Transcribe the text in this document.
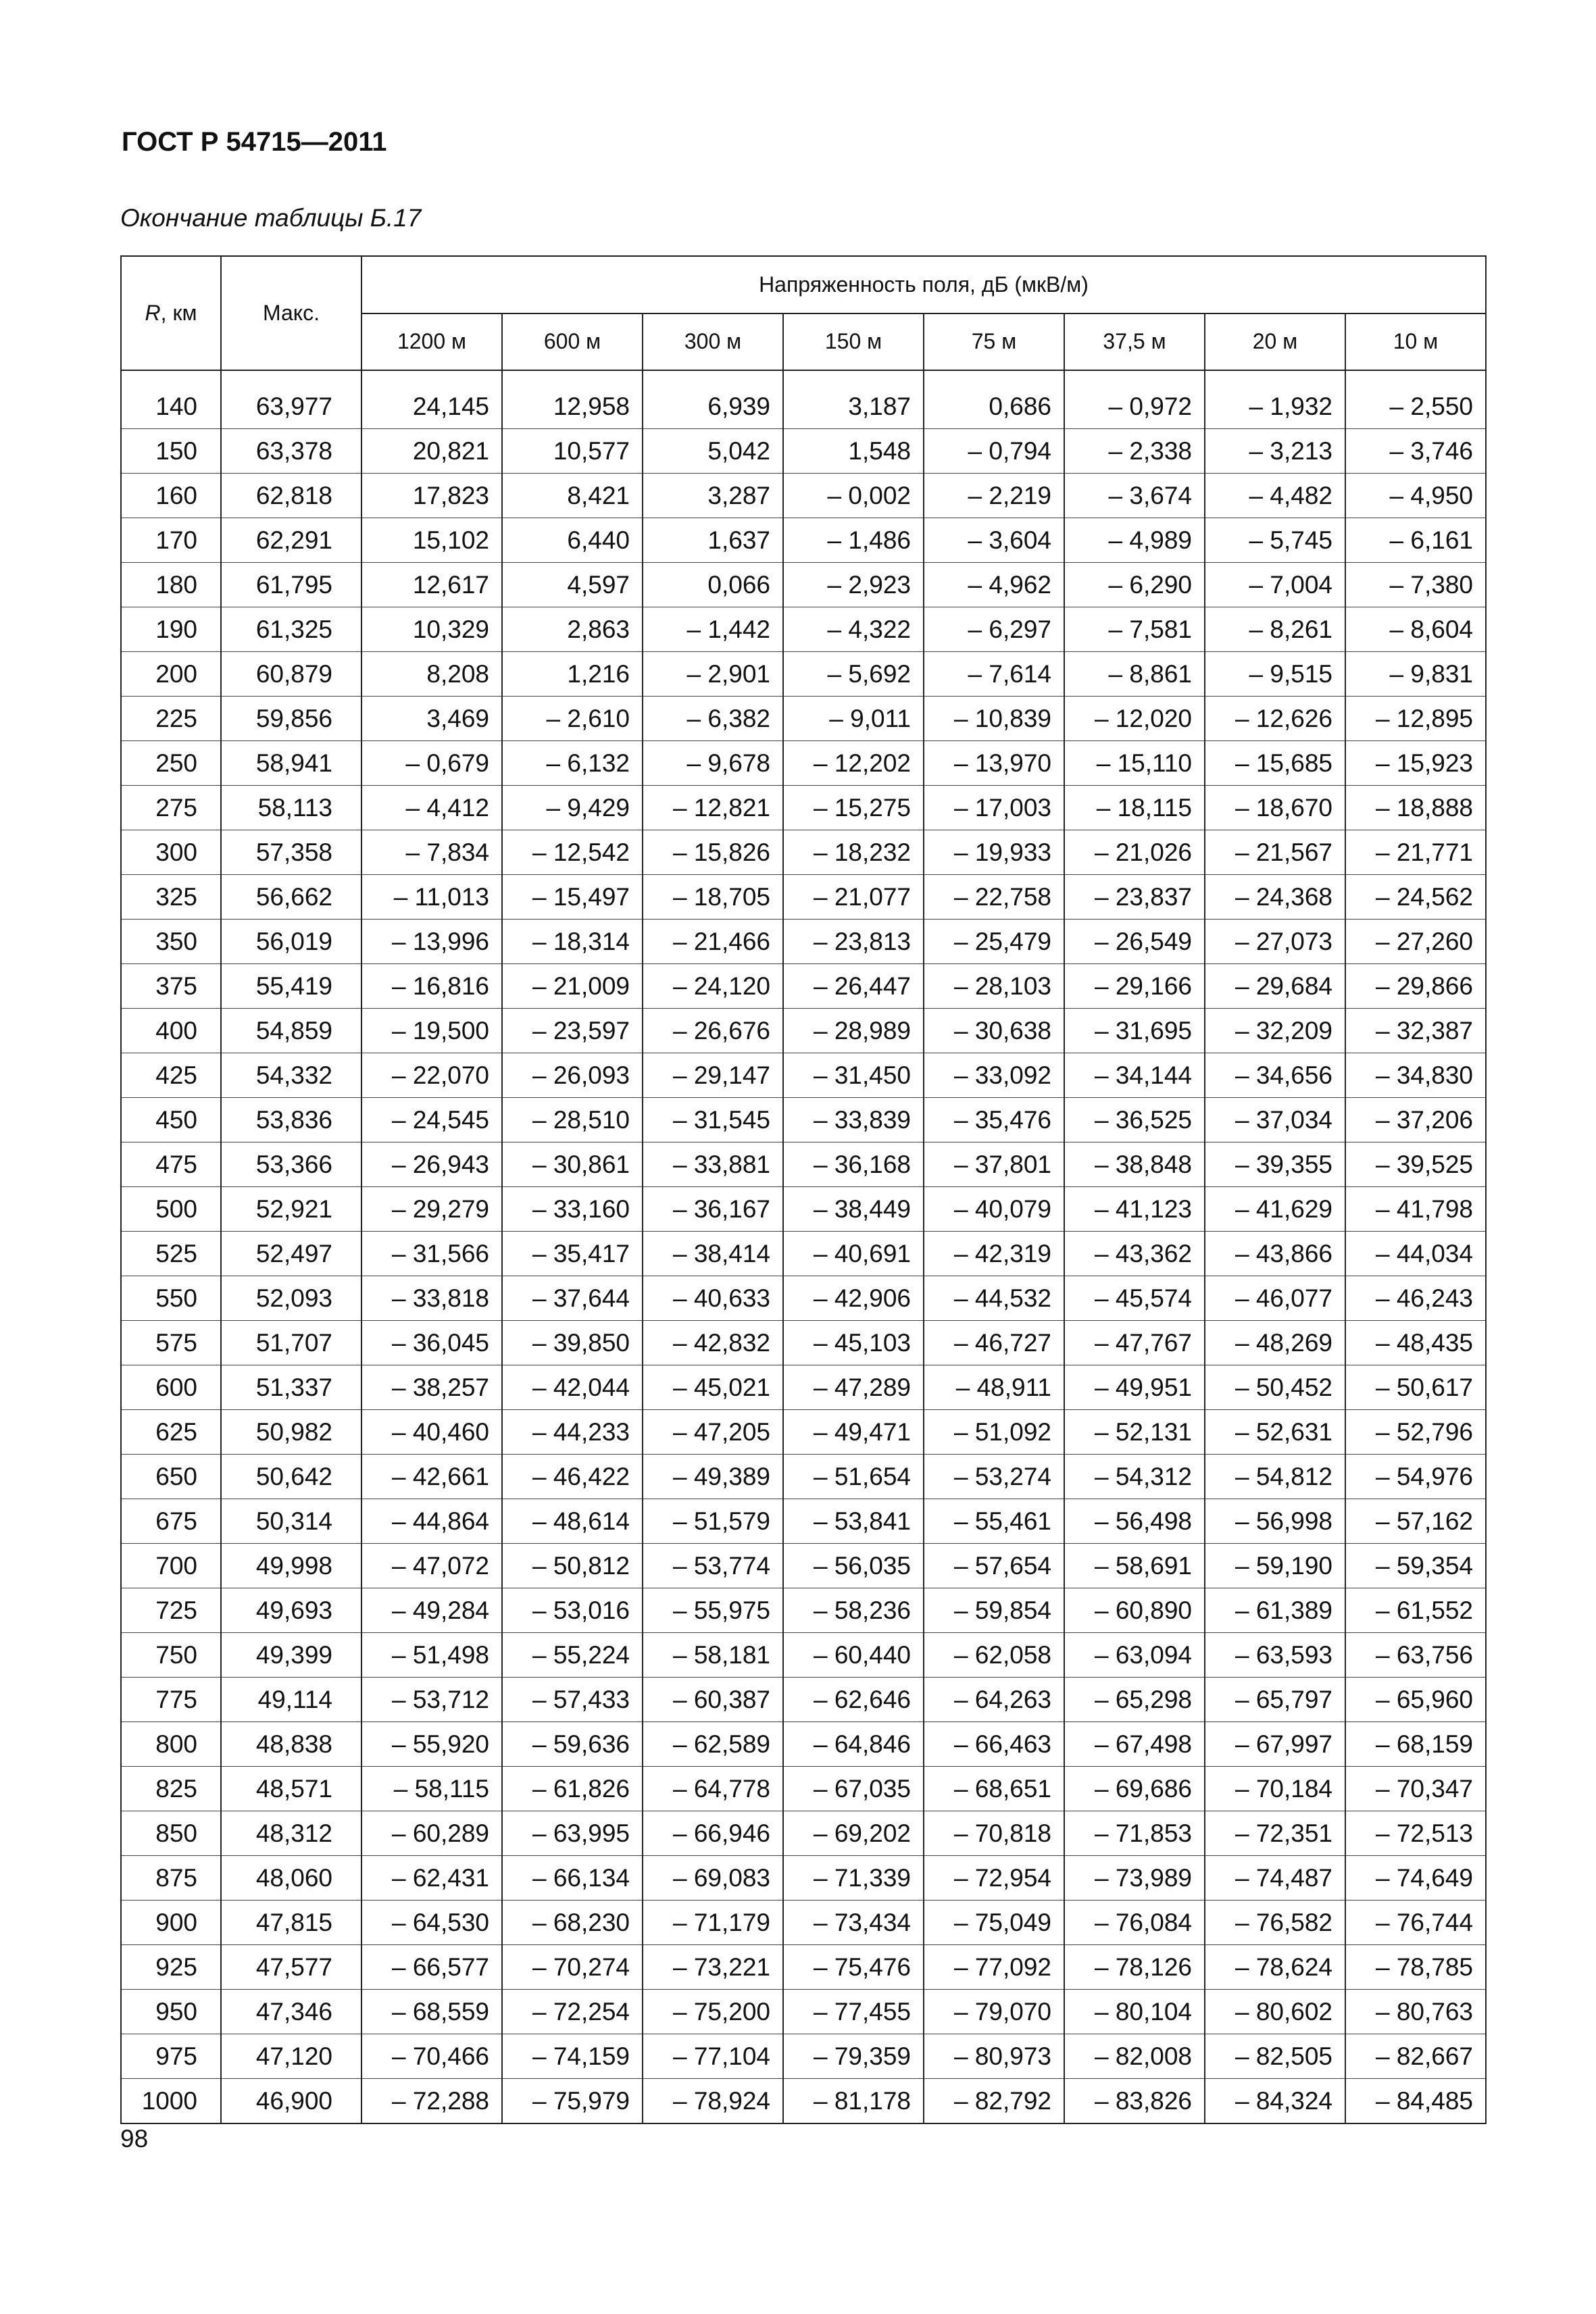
ГОСТ Р 54715—2011
Окончание таблицы Б.17
R, км	Макс.	Напряженность поля, дБ (мкВ/м)							
		1200 м	600 м	300 м	150 м	75 м	37,5 м	20 м	10 м

140	63,977	24,145	12,958	6,939	3,187	0,686	– 0,972	– 1,932	– 2,550
150	63,378	20,821	10,577	5,042	1,548	– 0,794	– 2,338	– 3,213	– 3,746
160	62,818	17,823	8,421	3,287	– 0,002	– 2,219	– 3,674	– 4,482	– 4,950
170	62,291	15,102	6,440	1,637	– 1,486	– 3,604	– 4,989	– 5,745	– 6,161
180	61,795	12,617	4,597	0,066	– 2,923	– 4,962	– 6,290	– 7,004	– 7,380
190	61,325	10,329	2,863	– 1,442	– 4,322	– 6,297	– 7,581	– 8,261	– 8,604
200	60,879	8,208	1,216	– 2,901	– 5,692	– 7,614	– 8,861	– 9,515	– 9,831
225	59,856	3,469	– 2,610	– 6,382	– 9,011	– 10,839	– 12,020	– 12,626	– 12,895
250	58,941	– 0,679	– 6,132	– 9,678	– 12,202	– 13,970	– 15,110	– 15,685	– 15,923
275	58,113	– 4,412	– 9,429	– 12,821	– 15,275	– 17,003	– 18,115	– 18,670	– 18,888
300	57,358	– 7,834	– 12,542	– 15,826	– 18,232	– 19,933	– 21,026	– 21,567	– 21,771
325	56,662	– 11,013	– 15,497	– 18,705	– 21,077	– 22,758	– 23,837	– 24,368	– 24,562
350	56,019	– 13,996	– 18,314	– 21,466	– 23,813	– 25,479	– 26,549	– 27,073	– 27,260
375	55,419	– 16,816	– 21,009	– 24,120	– 26,447	– 28,103	– 29,166	– 29,684	– 29,866
400	54,859	– 19,500	– 23,597	– 26,676	– 28,989	– 30,638	– 31,695	– 32,209	– 32,387
425	54,332	– 22,070	– 26,093	– 29,147	– 31,450	– 33,092	– 34,144	– 34,656	– 34,830
450	53,836	– 24,545	– 28,510	– 31,545	– 33,839	– 35,476	– 36,525	– 37,034	– 37,206
475	53,366	– 26,943	– 30,861	– 33,881	– 36,168	– 37,801	– 38,848	– 39,355	– 39,525
500	52,921	– 29,279	– 33,160	– 36,167	– 38,449	– 40,079	– 41,123	– 41,629	– 41,798
525	52,497	– 31,566	– 35,417	– 38,414	– 40,691	– 42,319	– 43,362	– 43,866	– 44,034
550	52,093	– 33,818	– 37,644	– 40,633	– 42,906	– 44,532	– 45,574	– 46,077	– 46,243
575	51,707	– 36,045	– 39,850	– 42,832	– 45,103	– 46,727	– 47,767	– 48,269	– 48,435
600	51,337	– 38,257	– 42,044	– 45,021	– 47,289	– 48,911	– 49,951	– 50,452	– 50,617
625	50,982	– 40,460	– 44,233	– 47,205	– 49,471	– 51,092	– 52,131	– 52,631	– 52,796
650	50,642	– 42,661	– 46,422	– 49,389	– 51,654	– 53,274	– 54,312	– 54,812	– 54,976
675	50,314	– 44,864	– 48,614	– 51,579	– 53,841	– 55,461	– 56,498	– 56,998	– 57,162
700	49,998	– 47,072	– 50,812	– 53,774	– 56,035	– 57,654	– 58,691	– 59,190	– 59,354
725	49,693	– 49,284	– 53,016	– 55,975	– 58,236	– 59,854	– 60,890	– 61,389	– 61,552
750	49,399	– 51,498	– 55,224	– 58,181	– 60,440	– 62,058	– 63,094	– 63,593	– 63,756
775	49,114	– 53,712	– 57,433	– 60,387	– 62,646	– 64,263	– 65,298	– 65,797	– 65,960
800	48,838	– 55,920	– 59,636	– 62,589	– 64,846	– 66,463	– 67,498	– 67,997	– 68,159
825	48,571	– 58,115	– 61,826	– 64,778	– 67,035	– 68,651	– 69,686	– 70,184	– 70,347
850	48,312	– 60,289	– 63,995	– 66,946	– 69,202	– 70,818	– 71,853	– 72,351	– 72,513
875	48,060	– 62,431	– 66,134	– 69,083	– 71,339	– 72,954	– 73,989	– 74,487	– 74,649
900	47,815	– 64,530	– 68,230	– 71,179	– 73,434	– 75,049	– 76,084	– 76,582	– 76,744
925	47,577	– 66,577	– 70,274	– 73,221	– 75,476	– 77,092	– 78,126	– 78,624	– 78,785
950	47,346	– 68,559	– 72,254	– 75,200	– 77,455	– 79,070	– 80,104	– 80,602	– 80,763
975	47,120	– 70,466	– 74,159	– 77,104	– 79,359	– 80,973	– 82,008	– 82,505	– 82,667
1000	46,900	– 72,288	– 75,979	– 78,924	– 81,178	– 82,792	– 83,826	– 84,324	– 84,485
98
